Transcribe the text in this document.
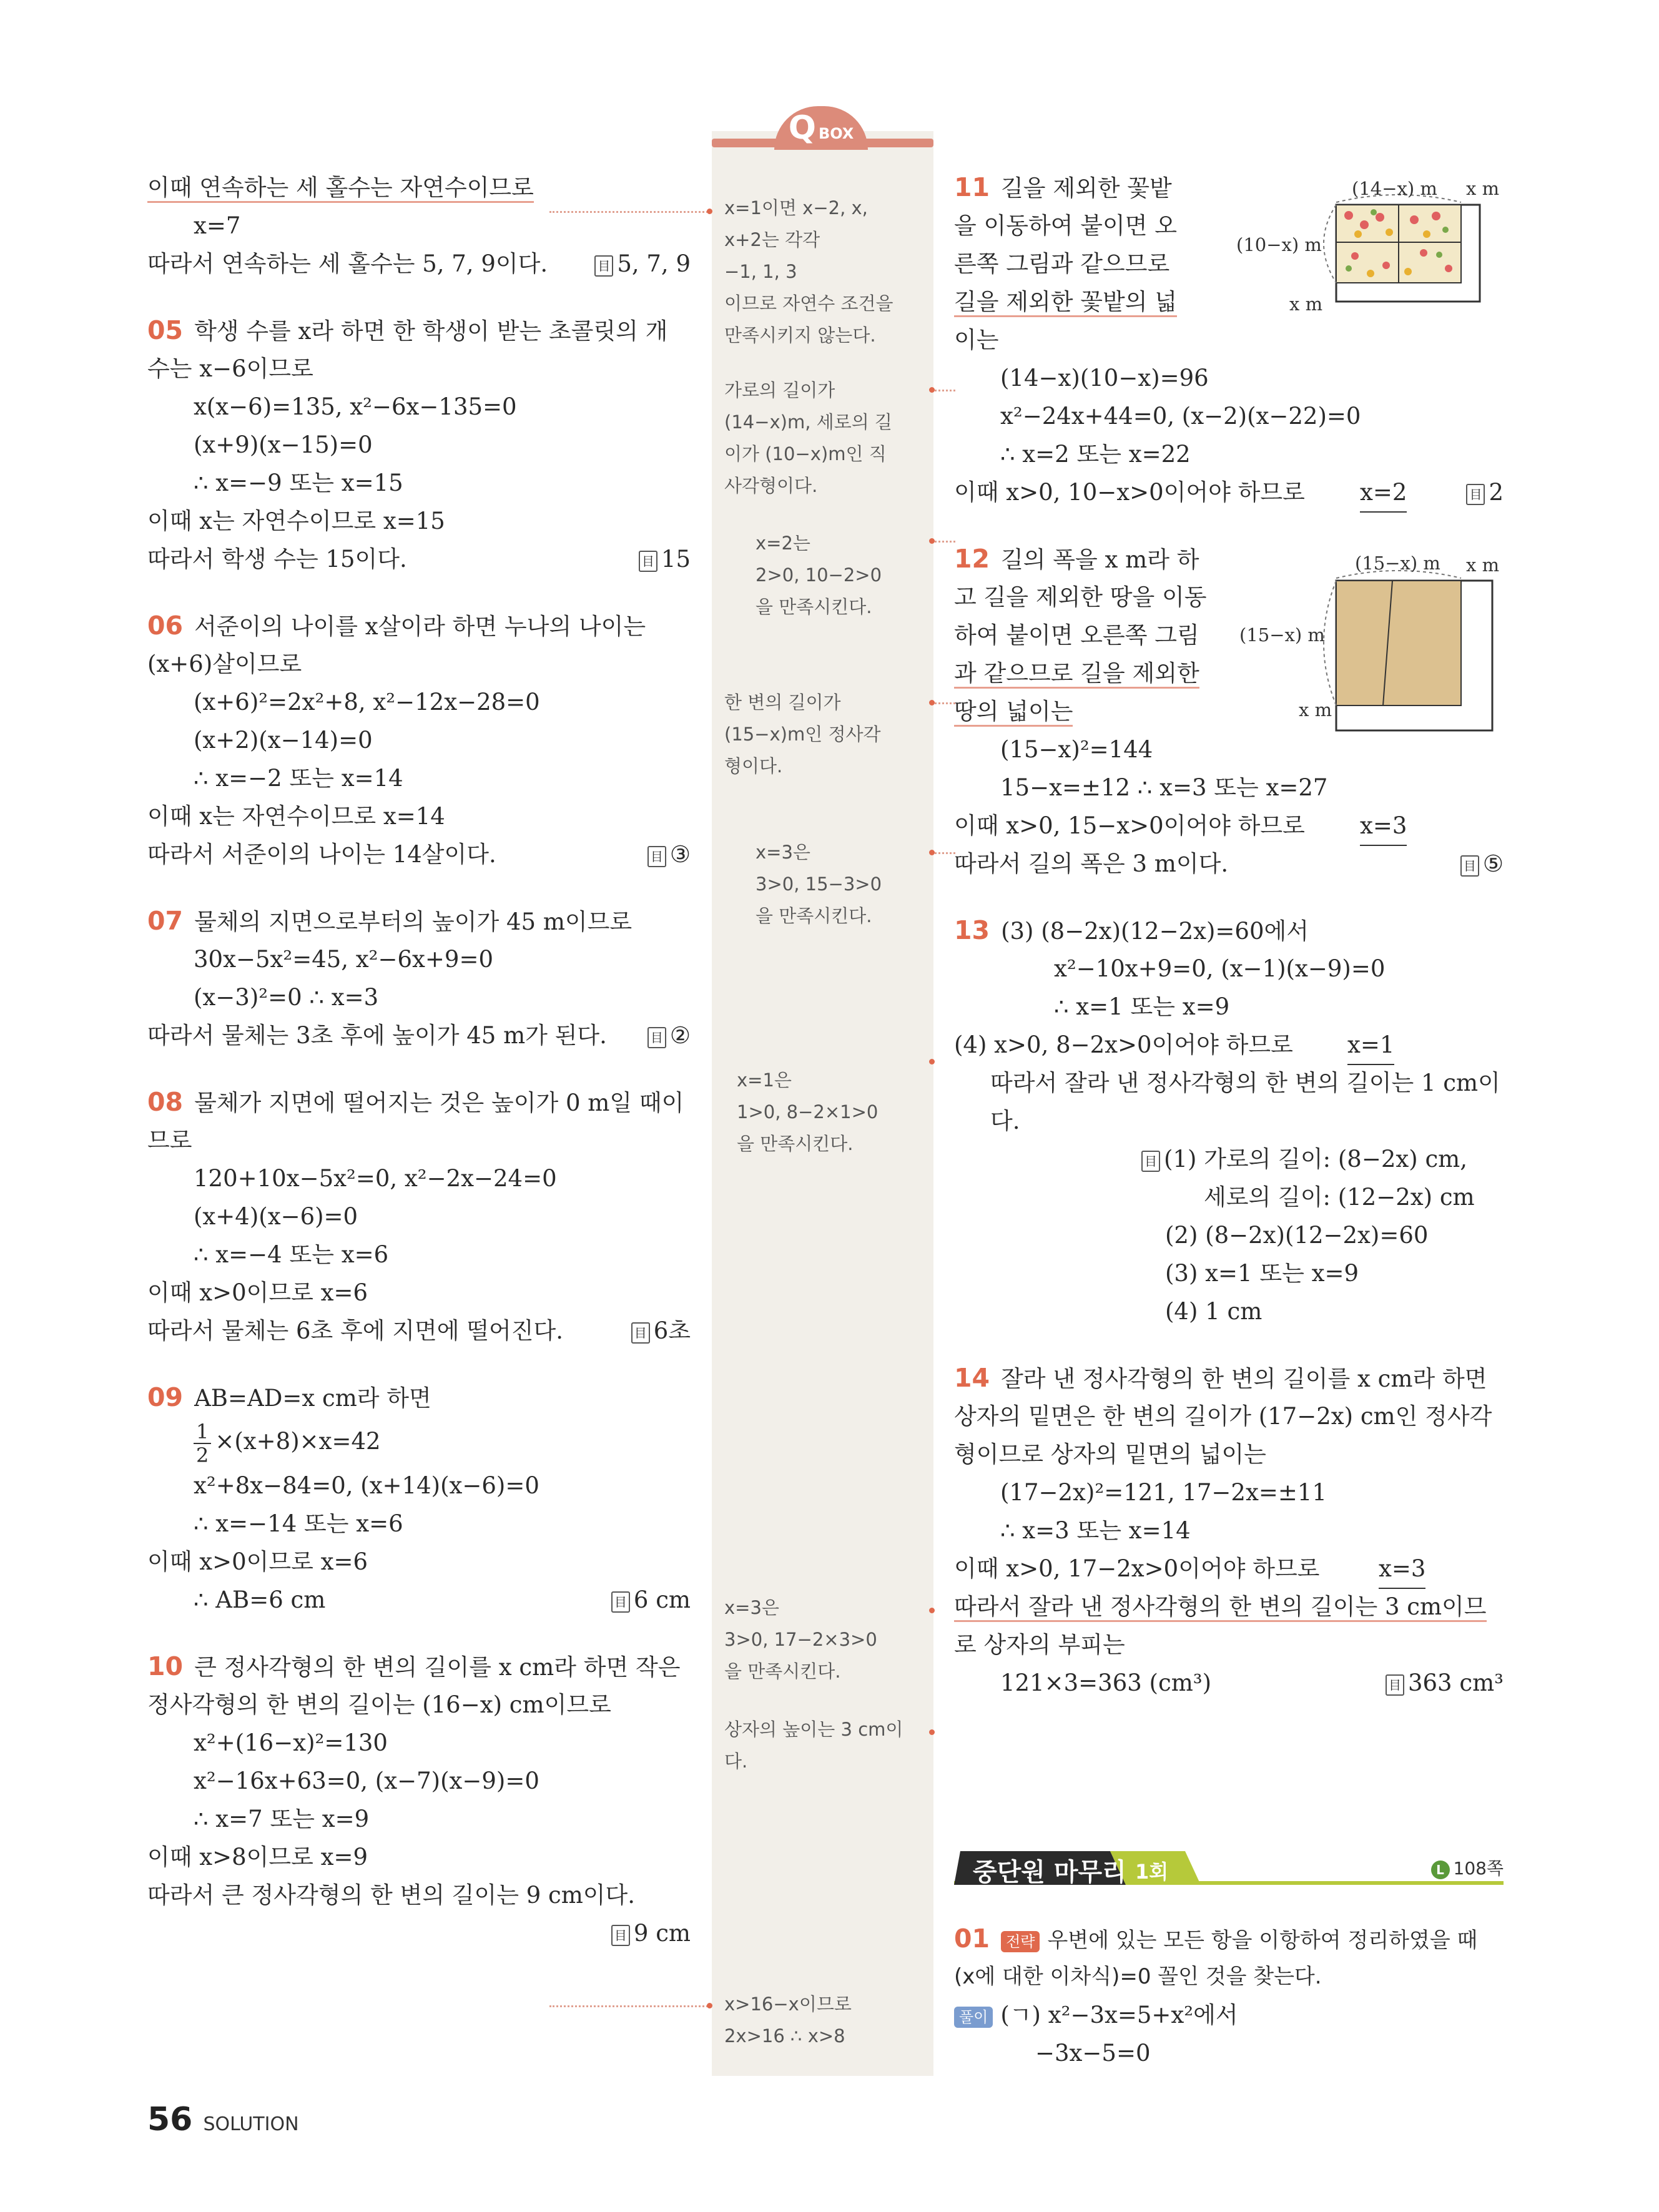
QBOX
이때 연속하는 세 홀수는 자연수이므로
x=7
따라서 연속하는 세 홀수는 5, 7, 9이다.	目 5, 7, 9
05 학생 수를 x라 하면 한 학생이 받는 초콜릿의 개
수는 x−6이므로
x(x−6)=135, x²−6x−135=0
(x+9)(x−15)=0
∴ x=−9 또는 x=15
이때 x는 자연수이므로 x=15
따라서 학생 수는 15이다.	目 15
06 서준이의 나이를 x살이라 하면 누나의 나이는
(x+6)살이므로
(x+6)²=2x²+8, x²−12x−28=0
(x+2)(x−14)=0
∴ x=−2 또는 x=14
이때 x는 자연수이므로 x=14
따라서 서준이의 나이는 14살이다.	目 ③
07 물체의 지면으로부터의 높이가 45 m이므로
30x−5x²=45, x²−6x+9=0
(x−3)²=0 ∴ x=3
따라서 물체는 3초 후에 높이가 45 m가 된다.	目 ②
08 물체가 지면에 떨어지는 것은 높이가 0 m일 때이
므로
120+10x−5x²=0, x²−2x−24=0
(x+4)(x−6)=0
∴ x=−4 또는 x=6
이때 x>0이므로 x=6
따라서 물체는 6초 후에 지면에 떨어진다.	目 6초
09 AB=AD=x cm라 하면
$\frac{1}{2} \times(x+8)\times x=42$
x²+8x−84=0, (x+14)(x−6)=0
∴ x=−14 또는 x=6
이때 x>0이므로 x=6
∴ AB=6 cm	目 6 cm
10 큰 정사각형의 한 변의 길이를 x cm라 하면 작은
정사각형의 한 변의 길이는 (16−x) cm이므로
x²+(16−x)²=130
x²−16x+63=0, (x−7)(x−9)=0
∴ x=7 또는 x=9
이때 x>8이므로 x=9
따라서 큰 정사각형의 한 변의 길이는 9 cm이다.
目 9 cm
x=1이면 x−2, x,
x+2는 각각
−1, 1, 3
이므로 자연수 조건을
만족시키지 않는다.
가로의 길이가
(14−x)m, 세로의 길
이가 (10−x)m인 직
사각형이다.
x=2는
2>0, 10−2>0
을 만족시킨다.
한 변의 길이가
(15−x)m인 정사각
형이다.
x=3은
3>0, 15−3>0
을 만족시킨다.
x=1은
1>0, 8−2×1>0
을 만족시킨다.
x=3은
3>0, 17−2×3>0
을 만족시킨다.
상자의 높이는 3 cm이
다.
x>16−x이므로
2x>16 ∴ x>8
11 길을 제외한 꽃밭
을 이동하여 붙이면 오
른쪽 그림과 같으므로
길을 제외한 꽃밭의 넓
이는
(14−x)(10−x)=96
x²−24x+44=0, (x−2)(x−22)=0
∴ x=2 또는 x=22
이때 x>0, 10−x>0이어야 하므로 x=2	目 2
12 길의 폭을 x m라 하
고 길을 제외한 땅을 이동
하여 붙이면 오른쪽 그림
과 같으므로 길을 제외한
땅의 넓이는
(15−x)²=144
15−x=±12 ∴ x=3 또는 x=27
이때 x>0, 15−x>0이어야 하므로 x=3
따라서 길의 폭은 3 m이다.	目 ⑤
13 (3) (8−2x)(12−2x)=60에서
x²−10x+9=0, (x−1)(x−9)=0
∴ x=1 또는 x=9
(4) x>0, 8−2x>0이어야 하므로 x=1
따라서 잘라 낸 정사각형의 한 변의 길이는 1 cm이
다.
目 (1) 가로의 길이: (8−2x) cm,
세로의 길이: (12−2x) cm
(2) (8−2x)(12−2x)=60
(3) x=1 또는 x=9
(4) 1 cm
14 잘라 낸 정사각형의 한 변의 길이를 x cm라 하면
상자의 밑면은 한 변의 길이가 (17−2x) cm인 정사각
형이므로 상자의 밑면의 넓이는
(17−2x)²=121, 17−2x=±11
∴ x=3 또는 x=14
이때 x>0, 17−2x>0이어야 하므로	x=3
따라서 잘라 낸 정사각형의 한 변의 길이는 3 cm이므
로 상자의 부피는
121×3=363 (cm³)	目 363 cm³
(14−x) m x m
(10−x) m
x m
(15−x) m x m
(15−x) m
x m
중단원 마무리 1회	L 108쪽
01 전략 우변에 있는 모든 항을 이항하여 정리하였을 때
(x에 대한 이차식)=0 꼴인 것을 찾는다.
풀이 (ㄱ) x²−3x=5+x²에서
−3x−5=0
56 SOLUTION
